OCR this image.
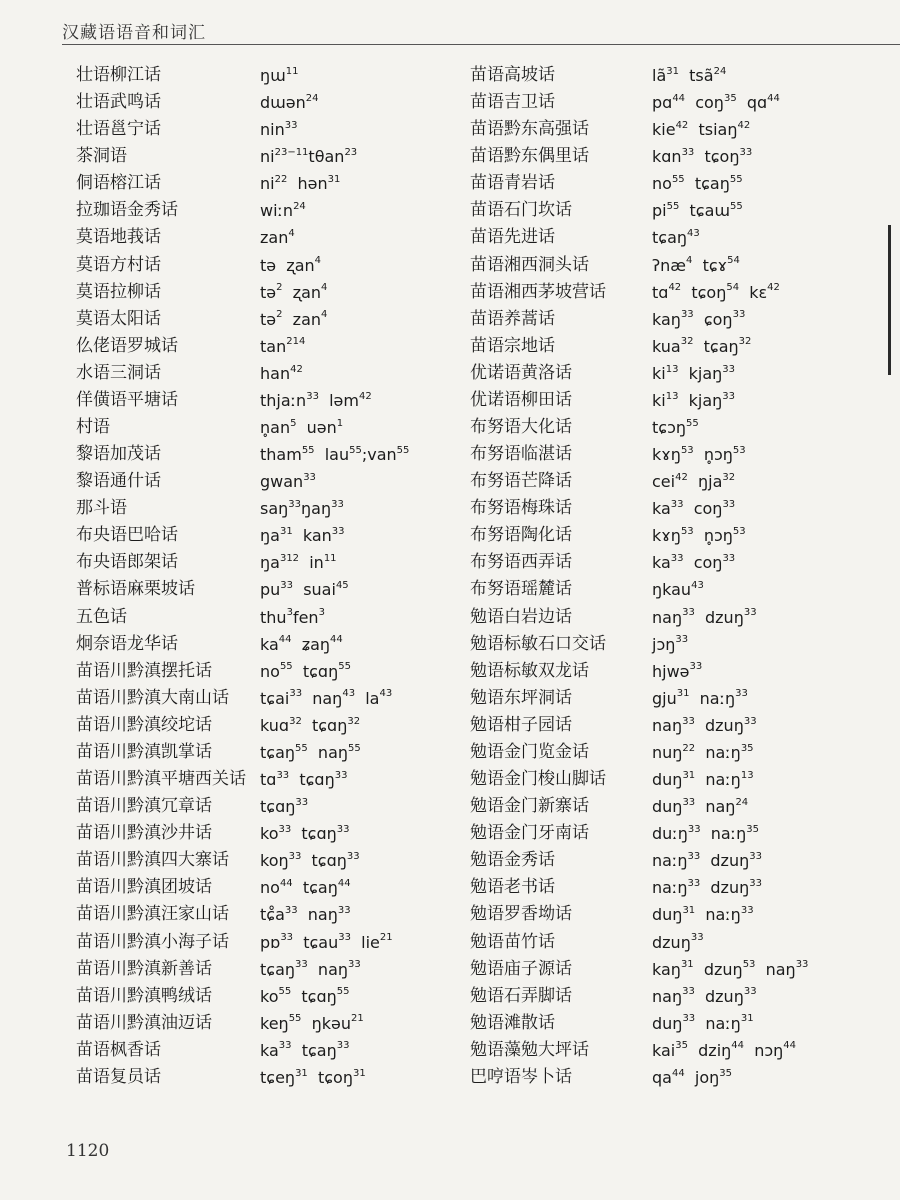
汉藏语语音和词汇
壮语柳江话	ŋɯ$^{11}$
壮语武鸣话	dɯən$^{24}$
壮语邕宁话	nin$^{33}$
茶洞语	$ni^{23-11}t\theta an^{23}$
侗语榕江话	$ni^{22}$  hən$^{31}$
拉珈语金秀话	wiːn$^{24}$
莫语地莪话	zan$^4$
莫语方村话	tə  ʐan$^4$
莫语拉柳话	tə$^2$  ʐan$^4$
莫语太阳话	tə$^2$  zan$^4$
仫佬语罗城话	$\tan^{214}$
水语三洞话	han$^{42}$
佯僙语平塘话	thjaːn$^{33}$  ləm$^{42}$
村语	$n̥an^5$  uən$^1$
黎语加茂话	tham$^{55}$  lau$^{55}$;van$^{55}$
黎语通什话	gwan$^{33}$
那斗语	saŋ$^{33}$ŋaŋ$^{33}$
布央语巴哈话	$ŋa^{31}$  kan$^{33}$
布央语郎架话	$ŋa^{312}$  $in^{11}$
普标语麻栗坡话	$pu^{33}$  suai$^{45}$
五色话	thu$^3$fen$^3$
炯奈语龙华话	$ka^{44}$  ʑaŋ$^{44}$
苗语川黔滇摆托话	$no^{55}$  tɕɑŋ$^{55}$
苗语川黔滇大南山话 tɕai$^{33}$  naŋ$^{43}$  $la^{43}$
苗语川黔滇绞坨话	kuɑ$^{32}$  tɕɑŋ$^{32}$
苗语川黔滇凯掌话	tɕaŋ$^{55}$  naŋ$^{55}$
苗语川黔滇平塘西关话 tɑ$^{33}$  tɕɑŋ$^{33}$
苗语川黔滇冗章话	tɕɑŋ$^{33}$
苗语川黔滇沙井话	$ko^{33}$  tɕɑŋ$^{33}$
苗语川黔滇四大寨话 koŋ$^{33}$  tɕɑŋ$^{33}$
苗语川黔滇团坡话	$no^{44}$  tɕaŋ$^{44}$
苗语川黔滇汪家山话 $tɕ̊a^{33}$  naŋ$^{33}$
苗语川黔滇小海子话 pɒ$^{33}$  tɕau$^{33}$  lie$^{21}$
苗语川黔滇新善话	tɕaŋ$^{33}$  naŋ$^{33}$
苗语川黔滇鸭绒话	$ko^{55}$  tɕɑŋ$^{55}$
苗语川黔滇油迈话	keŋ$^{55}$  ŋkəu$^{21}$
苗语枫香话	$ka^{33}$  tɕaŋ$^{33}$
苗语复员话	tɕeŋ$^{31}$  tɕoŋ$^{31}$
苗语高坡话	$lã^{31}$  tsã$^{24}$
苗语吉卫话	pɑ$^{44}$  coŋ$^{35}$  qɑ$^{44}$
苗语黔东高强话	kie$^{42}$  tsiaŋ$^{42}$
苗语黔东偶里话	kɑn$^{33}$  tɕoŋ$^{33}$
苗语青岩话	$no^{55}$  tɕaŋ$^{55}$
苗语石门坎话	$pi^{55}$  tɕaɯ$^{55}$
苗语先进话	tɕaŋ$^{43}$
苗语湘西洞头话	ʔnæ$^4$  tɕɤ$^{54}$
苗语湘西茅坡营话	tɑ$^{42}$  tɕoŋ$^{54}$  kɛ$^{42}$
苗语养蒿话	kaŋ$^{33}$  ɕoŋ$^{33}$
苗语宗地话	kua$^{32}$  tɕaŋ$^{32}$
优诺语黄洛话	$ki^{13}$  kjaŋ$^{33}$
优诺语柳田话	$ki^{13}$  kjaŋ$^{33}$
布努语大化话	tɕɔŋ$^{55}$
布努语临湛话	kɤŋ$^{53}$  n̥ɔŋ$^{53}$
布努语芒降话	cei$^{42}$  ŋja$^{32}$
布努语梅珠话	$ka^{33}$  coŋ$^{33}$
布努语陶化话	kɤŋ$^{53}$  n̥ɔŋ$^{53}$
布努语西弄话	$ka^{33}$  coŋ$^{33}$
布努语瑶麓话	ŋkau$^{43}$
勉语白岩边话	naŋ$^{33}$  dzuŋ$^{33}$
勉语标敏石口交话	jɔŋ$^{33}$
勉语标敏双龙话	hjwə$^{33}$
勉语东坪洞话	gju$^{31}$  naːŋ$^{33}$
勉语柑子园话	naŋ$^{33}$  dzuŋ$^{33}$
勉语金门览金话	nuŋ$^{22}$  naːŋ$^{35}$
勉语金门梭山脚话	duŋ$^{31}$  naːŋ$^{13}$
勉语金门新寨话	duŋ$^{33}$  naŋ$^{24}$
勉语金门牙南话	duːŋ$^{33}$  naːŋ$^{35}$
勉语金秀话	naːŋ$^{33}$  dzuŋ$^{33}$
勉语老书话	naːŋ$^{33}$  dzuŋ$^{33}$
勉语罗香坳话	duŋ$^{31}$  naːŋ$^{33}$
勉语苗竹话	dzuŋ$^{33}$
勉语庙子源话	kaŋ$^{31}$  dzuŋ$^{53}$  naŋ$^{33}$
勉语石弄脚话	naŋ$^{33}$  dzuŋ$^{33}$
勉语滩散话	duŋ$^{33}$  naːŋ$^{31}$
勉语藻勉大坪话	kai$^{35}$  dziŋ$^{44}$  nɔŋ$^{44}$
巴哼语岑卜话	$qa^{44}$  joŋ$^{35}$
1120
